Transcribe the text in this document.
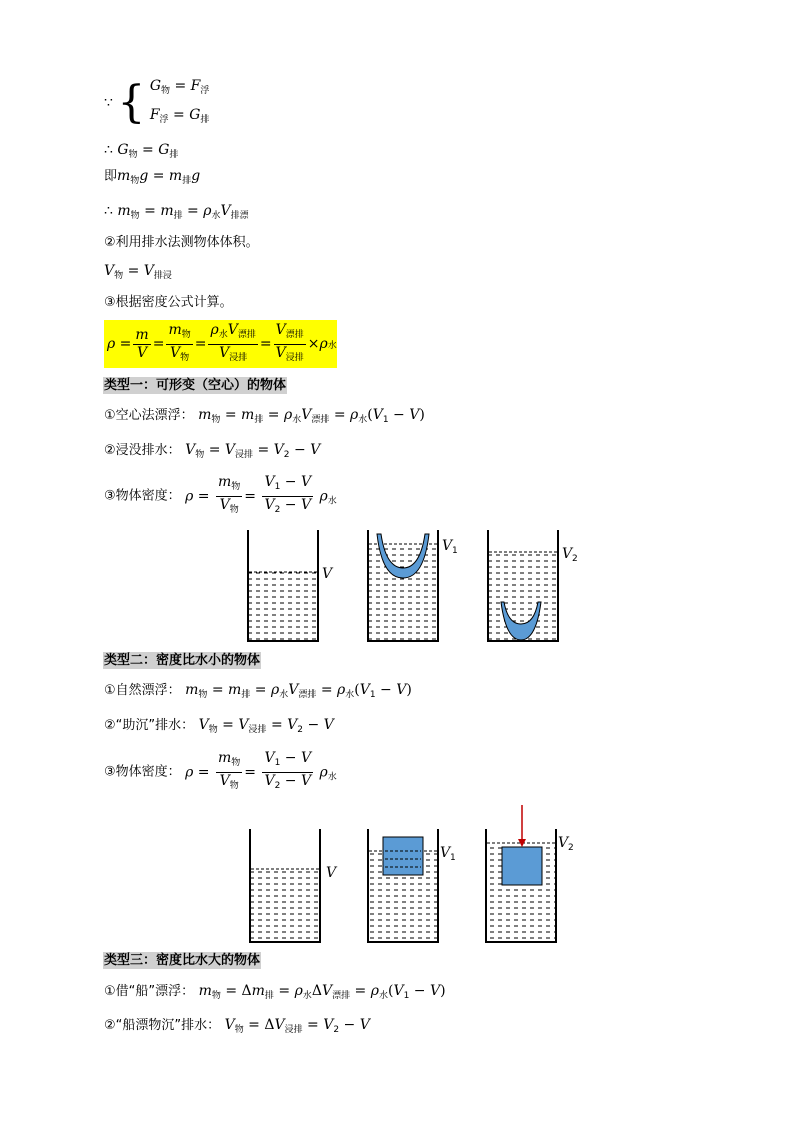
∵ { $G_物 = F_浮$
$F_浮 = G_排$
∴ $G_物 = G_排$
即$m_物g = m_排g$
∴ $m_物 = m_排 = \rho_水V_{排漂}$
②利用排水法测物体体积。
$V_物 = V_{排浸}$
③根据密度公式计算。
$\rho = \frac{m}{V} = \frac{m_物}{V_物} = \frac{\rho_水V_{漂排}}{V_{浸排}} = \frac{V_{漂排}}{V_{浸排}} \times \rho$ 水
类型一：可形变（空心）的物体
①空心法漂浮： $m_物 = m_排 = \rho_水V_{漂排} = \rho_水(V_1 - V)$
②浸没排水： $V_物 = V_{浸排} = V_2 - V$
③物体密度： $\rho = \frac{m_物}{V_物} = \frac{V_1 - V}{V_2 - V} \rho_水$
V
V 1	V 2
类型二：密度比水小的物体
①自然漂浮： $m_物 = m_排 = \rho_水V_{漂排} = \rho_水(V_1 - V)$
②“助沉”排水： $V_物 = V_{浸排} = V_2 - V$
③物体密度： $\rho = \frac{m_物}{V_物} = \frac{V_1 - V}{V_2 - V} \rho_水$
V
V 1
V 2
类型三：密度比水大的物体
①借“船”漂浮： $m_物 = \Delta m_排 = \rho_水\Delta V_{漂排} = \rho_水(V_1 - V)$
②“船漂物沉”排水： $V_物 = \Delta V_{浸排} = V_2 - V$
